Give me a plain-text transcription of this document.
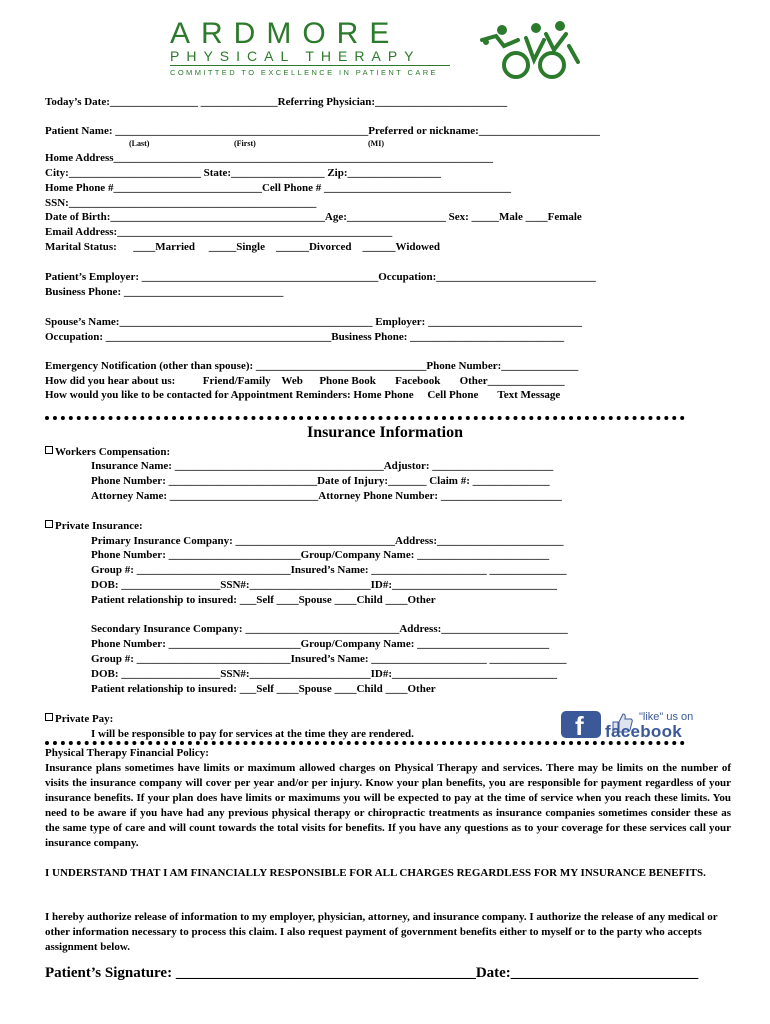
ARDMORE
PHYSICAL THERAPY
COMMITTED TO EXCELLENCE IN PATIENT CARE
Today’s Date:________________ ______________Referring Physician:________________________
Patient Name: ______________________________________________Preferred or nickname:______________________
(Last)	(First)	(MI)
Home Address_____________________________________________________________________
City:________________________ State:_________________ Zip:_________________
Home Phone #___________________________Cell Phone # __________________________________
SSN:_____________________________________________
Date of Birth:_______________________________________Age:__________________ Sex: _____Male ____Female
Email Address:__________________________________________________
Marital Status:      ____Married     _____Single    ______Divorced    ______Widowed
Patient’s Employer: ___________________________________________Occupation:_____________________________
Business Phone: _____________________________
Spouse’s Name:______________________________________________ Employer: ____________________________
Occupation: _________________________________________Business Phone: ____________________________
Emergency Notification (other than spouse): _______________________________Phone Number:______________
How did you hear about us:          Friend/Family    Web      Phone Book       Facebook       Other______________
How would you like to be contacted for Appointment Reminders: Home Phone     Cell Phone       Text Message
Insurance Information
Workers Compensation:
Insurance Name: ______________________________________Adjustor: ______________________
Phone Number: ___________________________Date of Injury:_______ Claim #: ______________
Attorney Name: ___________________________Attorney Phone Number: ______________________
Private Insurance:
Primary Insurance Company: _____________________________Address:_______________________
Phone Number: ________________________Group/Company Name: ________________________
Group #: ____________________________Insured’s Name: _____________________ ______________
DOB: __________________SSN#:______________________ID#:______________________________
Patient relationship to insured: ___Self ____Spouse ____Child ____Other
Secondary Insurance Company: ____________________________Address:_______________________
Phone Number: ________________________Group/Company Name: ________________________
Group #: ____________________________Insured’s Name: _____________________ ______________
DOB: __________________SSN#:______________________ID#:______________________________
Patient relationship to insured: ___Self ____Spouse ____Child ____Other
Private Pay:
I will be responsible to pay for services at the time they are rendered.	f	"like" us on
facebook
Physical Therapy Financial Policy:
Insurance plans sometimes have limits or maximum allowed charges on Physical Therapy and services. There may be limits on the number of visits the insurance company will cover per year and/or per injury. Know your plan benefits, you are responsible for payment regardless of your insurance benefits. If your plan does have limits or maximums you will be expected to pay at the time of service when you reach these limits. You need to be aware if you have had any previous physical therapy or chiropractic treatments as insurance companies sometimes consider these as the same type of care and will count towards the total visits for benefits. If you have any questions as to your coverage for these services call your insurance company.
I UNDERSTAND THAT I AM FINANCIALLY RESPONSIBLE FOR ALL CHARGES REGARDLESS FOR MY INSURANCE BENEFITS.
I hereby authorize release of information to my employer, physician, attorney, and insurance company. I authorize the release of any medical or other information necessary to process this claim. I also request payment of government benefits either to myself or to the party who accepts assignment below.
Patient’s Signature: ________________________________________Date:_________________________
